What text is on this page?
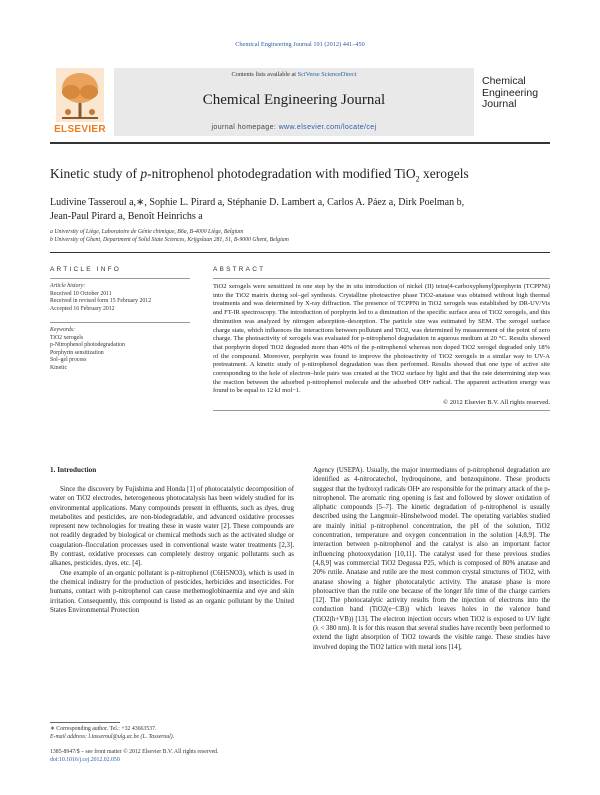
Chemical Engineering Journal 191 (2012) 441–450
ELSEVIER
Contents lists available at SciVerse ScienceDirect
Chemical Engineering Journal
journal homepage: www.elsevier.com/locate/cej
Chemical
Engineering
Journal
Kinetic study of p-nitrophenol photodegradation with modified TiO$_2$ xerogels
Ludivine Tasseroul a,∗, Sophie L. Pirard a, Stéphanie D. Lambert a, Carlos A. Páez a, Dirk Poelman b,
Jean-Paul Pirard a, Benoît Heinrichs a
a University of Liège, Laboratoire de Génie chimique, B6a, B-4000 Liège, Belgium
b University of Ghent, Department of Solid State Sciences, Krijgslaan 281, S1, B-9000 Ghent, Belgium
ARTICLE INFO
Article history:
Received 10 October 2011
Received in revised form 15 February 2012
Accepted 16 February 2012
Keywords:
TiO2 xerogels
p-Nitrophenol photodegradation
Porphyrin sensitization
Sol–gel process
Kinetic
ABSTRACT
TiO2 xerogels were sensitized in one step by the in situ introduction of nickel (II) tetra(4-carboxyphenyl)porphyrin (TCPPNi) into the TiO2 matrix during sol–gel synthesis. Crystalline photoactive phase TiO2-anatase was obtained without high thermal treatments and was determined by X-ray diffraction. The presence of TCPPNi in TiO2 xerogels was established by DR-UV/Vis and FT-IR spectroscopy. The introduction of porphyrin led to a diminution of the specific surface area of TiO2 xerogels, and this diminution was analyzed by nitrogen adsorption–desorption. The particle size was estimated by SEM. The xerogel surface charge state, which influences the interactions between pollutant and TiO2, was determined by measurement of the point of zero charge. The photoactivity of xerogels was evaluated for p-nitrophenol degradation in aqueous medium at 20 °C. Results showed that porphyrin doped TiO2 degraded more than 40% of the p-nitrophenol whereas non doped TiO2 xerogel degraded only 18% of the compound. Moreover, porphyrin was found to improve the photoactivity of TiO2 xerogels in a similar way to UV-A pretreatment. A kinetic study of p-nitrophenol degradation was then performed. Results showed that one type of active site corresponding to the hole of electron–hole pairs was created at the TiO2 surface by light and that the rate determining step was the reaction between the adsorbed p-nitrophenol molecule and the adsorbed OH• radical. The apparent activation energy was found to be equal to 12 kJ mol−1.
© 2012 Elsevier B.V. All rights reserved.
1. Introduction

Since the discovery by Fujishima and Honda [1] of photocatalytic decomposition of water on TiO2 electrodes, heterogeneous photocatalysis has been widely studied for its environmental applications. Many compounds present in effluents, such as dyes, drug metabolites and pesticides, are non-biodegradable, and advanced oxidative processes represent new technologies for treating these in waste water [2]. These compounds are not readily degraded by biological or chemical methods such as the activated sludge or coagulation–flocculation processes used in conventional waste water treatments [2,3]. By contrast, oxidative processes can completely destroy organic pollutants such as alkanes, pesticides, dyes, etc. [4].

One example of an organic pollutant is p-nitrophenol (C6H5NO3), which is used in the chemical industry for the production of pesticides, herbicides and insecticides. For humans, contact with p-nitrophenol can cause methemoglobinaemia and eye and skin irritation. Consequently, this compound is listed as an organic pollutant by the United States Environmental Protection

Agency (USEPA). Usually, the major intermediates of p-nitrophenol degradation are identified as 4-nitrocatechol, hydroquinone, and benzoquinone. These products suggest that the hydroxyl radicals OH• are responsible for the primary attack of the p-nitrophenol. The aromatic ring opening is fast and followed by slower oxidation of aliphatic compounds [5–7]. The kinetic degradation of p-nitrophenol is usually described using the Langmuir–Hinshelwood model. The operating variables studied are mainly initial p-nitrophenol concentration, the pH of the solution, TiO2 concentration, temperature and oxygen concentration in the solution [4,8,9]. The interaction between p-nitrophenol and the catalyst is also an important factor influencing photooxydation [10,11]. The catalyst used for these previous studies [4,8,9] was commercial TiO2 Degussa P25, which is composed of 80% anatase and 20% rutile. Anatase and rutile are the most common crystal structures of TiO2, with anatase showing a higher photocatalytic activity. The anatase phase is more photoactive than the rutile one because of the longer life time of the charge carriers [12]. The photocatalytic activity results from the injection of electrons into the conduction band (TiO2(e−CB)) which leaves holes in the valence band (TiO2(h+VB)) [13]. The electron injection occurs when TiO2 is exposed to UV light (λ < 380 nm). It is for this reason that several studies have recently been performed to extend the light absorption of TiO2 towards the visible range. These studies have involved doping the TiO2 lattice with metal ions [14],

∗ Corresponding author. Tel.: +32 43663537.
E-mail address: l.tasseroul@ulg.ac.be (L. Tasseroul).
1385-8947/$ – see front matter © 2012 Elsevier B.V. All rights reserved.
doi:10.1016/j.cej.2012.02.050
